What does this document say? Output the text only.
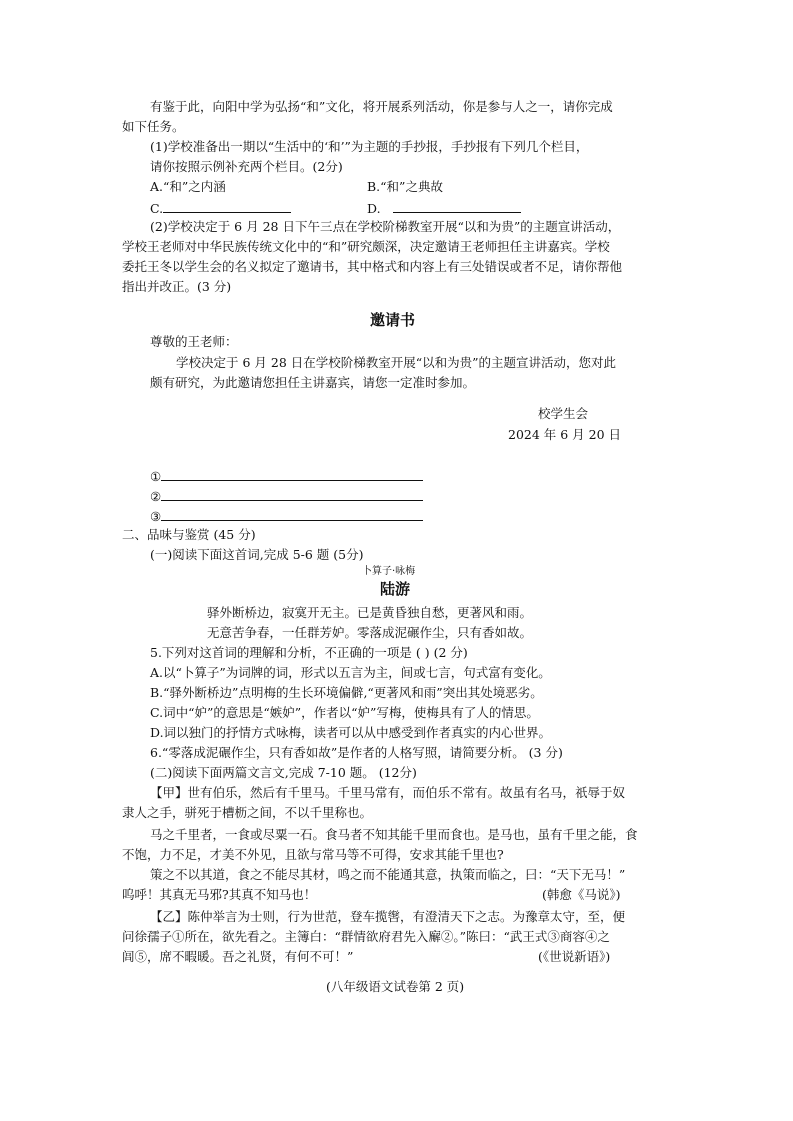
有鉴于此，向阳中学为弘扬“和”文化，将开展系列活动，你是参与人之一，请你完成
如下任务。
(1)学校准备出一期以“生活中的‘和’”为主题的手抄报，手抄报有下列几个栏目，
请你按照示例补充两个栏目。(2分)
A.“和”之内涵	B.“和”之典故
C.	D.
(2)学校决定于 6 月 28 日下午三点在学校阶梯教室开展“以和为贵”的主题宣讲活动，
学校王老师对中华民族传统文化中的“和”研究颇深，决定邀请王老师担任主讲嘉宾。学校
委托王冬以学生会的名义拟定了邀请书，其中格式和内容上有三处错误或者不足，请你帮他
指出并改正。(3 分)
邀请书
尊敬的王老师：
学校决定于 6 月 28 日在学校阶梯教室开展“以和为贵”的主题宣讲活动，您对此
颇有研究，为此邀请您担任主讲嘉宾，请您一定准时参加。
校学生会
2024 年 6 月 20 日
①
②
③
二、品味与鉴赏 (45 分)
(一)阅读下面这首词,完成 5-6 题 (5分)
卜算子·咏梅
陆游
驿外断桥边，寂寞开无主。已是黄昏独自愁，更著风和雨。
无意苦争春，一任群芳妒。零落成泥碾作尘，只有香如故。
5.下列对这首词的理解和分析，不正确的一项是 ( ) (2 分)
A.以“卜算子”为词牌的词，形式以五言为主，间或七言，句式富有变化。
B.“驿外断桥边”点明梅的生长环境偏僻,“更著风和雨”突出其处境恶劣。
C.词中“妒”的意思是“嫉妒”，作者以“妒”写梅，使梅具有了人的情思。
D.词以独门的抒情方式咏梅，读者可以从中感受到作者真实的内心世界。
6.“零落成泥碾作尘，只有香如故”是作者的人格写照，请简要分析。 (3 分)
(二)阅读下面两篇文言文,完成 7-10 题。 (12分)
【甲】世有伯乐，然后有千里马。千里马常有，而伯乐不常有。故虽有名马，祇辱于奴
隶人之手，骈死于槽枥之间，不以千里称也。
马之千里者，一食或尽粟一石。食马者不知其能千里而食也。是马也，虽有千里之能，食
不饱，力不足，才美不外见，且欲与常马等不可得，安求其能千里也?
策之不以其道，食之不能尽其材，鸣之而不能通其意，执策而临之，曰：“天下无马！”
呜呼！其真无马邪?其真不知马也！	(韩愈《马说》)
【乙】陈仲举言为士则，行为世范，登车揽辔，有澄清天下之志。为豫章太守，至，便
问徐孺子①所在，欲先看之。主簿白：“群情欲府君先入廨②。”陈曰：“武王式③商容④之
闾⑤，席不暇暖。吾之礼贤，有何不可！”	(《世说新语》)
(八年级语文试卷第 2 页)
